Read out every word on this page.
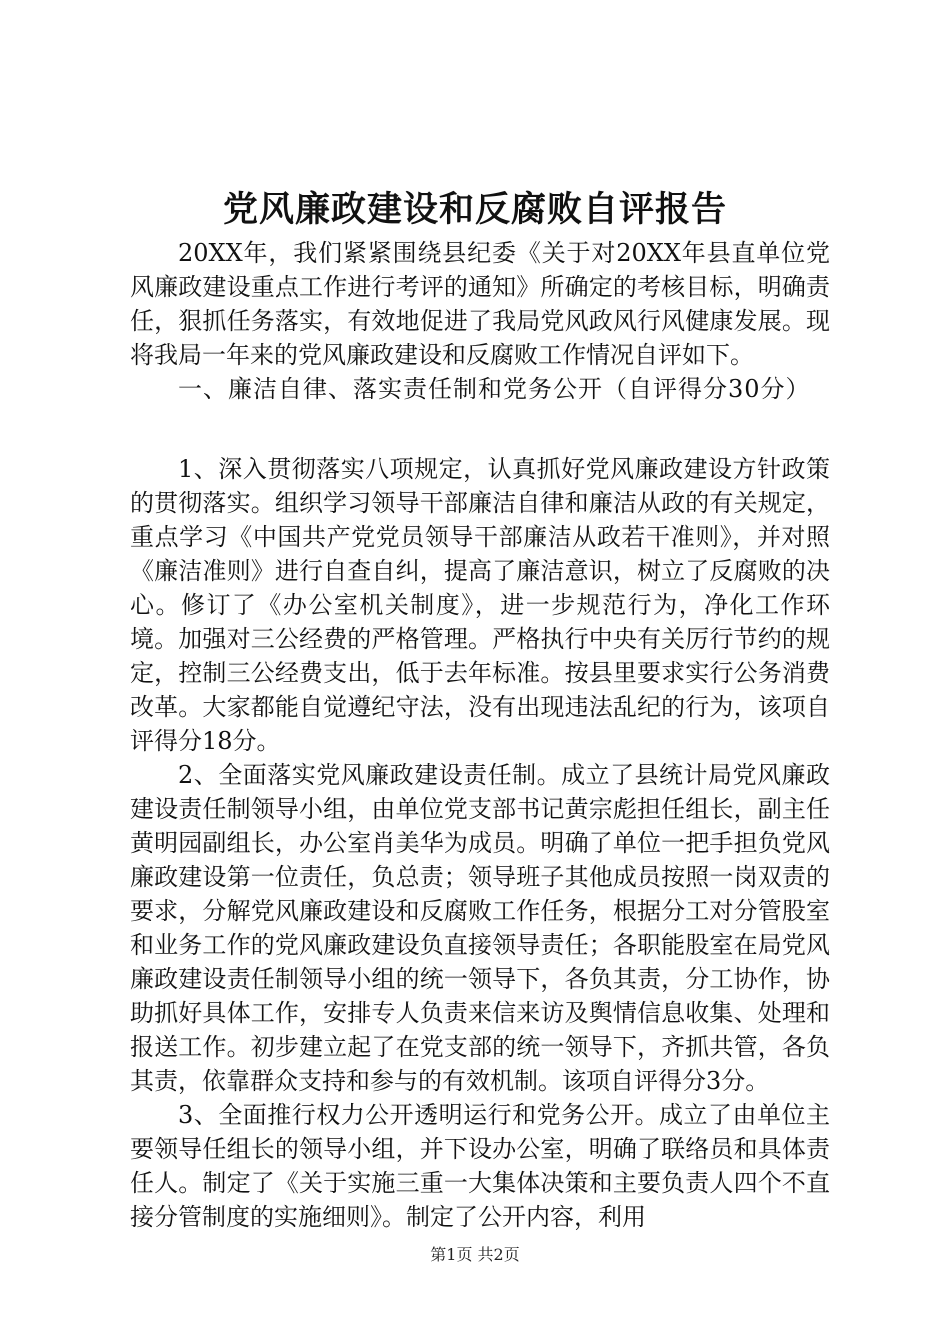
党风廉政建设和反腐败自评报告

20XX年，我们紧紧围绕县纪委《关于对20XX年县直单位党风廉政建设重点工作进行考评的通知》所确定的考核目标，明确责任，狠抓任务落实，有效地促进了我局党风政风行风健康发展。现将我局一年来的党风廉政建设和反腐败工作情况自评如下。

一、廉洁自律、落实责任制和党务公开（自评得分30分）

1、深入贯彻落实八项规定，认真抓好党风廉政建设方针政策的贯彻落实。组织学习领导干部廉洁自律和廉洁从政的有关规定，重点学习《中国共产党党员领导干部廉洁从政若干准则》，并对照《廉洁准则》进行自查自纠，提高了廉洁意识，树立了反腐败的决心。修订了《办公室机关制度》，进一步规范行为，净化工作环境。加强对三公经费的严格管理。严格执行中央有关厉行节约的规定，控制三公经费支出，低于去年标准。按县里要求实行公务消费改革。大家都能自觉遵纪守法，没有出现违法乱纪的行为，该项自评得分18分。

2、全面落实党风廉政建设责任制。成立了县统计局党风廉政建设责任制领导小组，由单位党支部书记黄宗彪担任组长，副主任黄明园副组长，办公室肖美华为成员。明确了单位一把手担负党风廉政建设第一位责任，负总责；领导班子其他成员按照一岗双责的要求，分解党风廉政建设和反腐败工作任务，根据分工对分管股室和业务工作的党风廉政建设负直接领导责任；各职能股室在局党风廉政建设责任制领导小组的统一领导下，各负其责，分工协作，协助抓好具体工作，安排专人负责来信来访及舆情信息收集、处理和报送工作。初步建立起了在党支部的统一领导下，齐抓共管，各负其责，依靠群众支持和参与的有效机制。该项自评得分3分。

3、全面推行权力公开透明运行和党务公开。成立了由单位主要领导任组长的领导小组，并下设办公室，明确了联络员和具体责任人。制定了《关于实施三重一大集体决策和主要负责人四个不直接分管制度的实施细则》。制定了公开内容，利用

第1页 共2页
